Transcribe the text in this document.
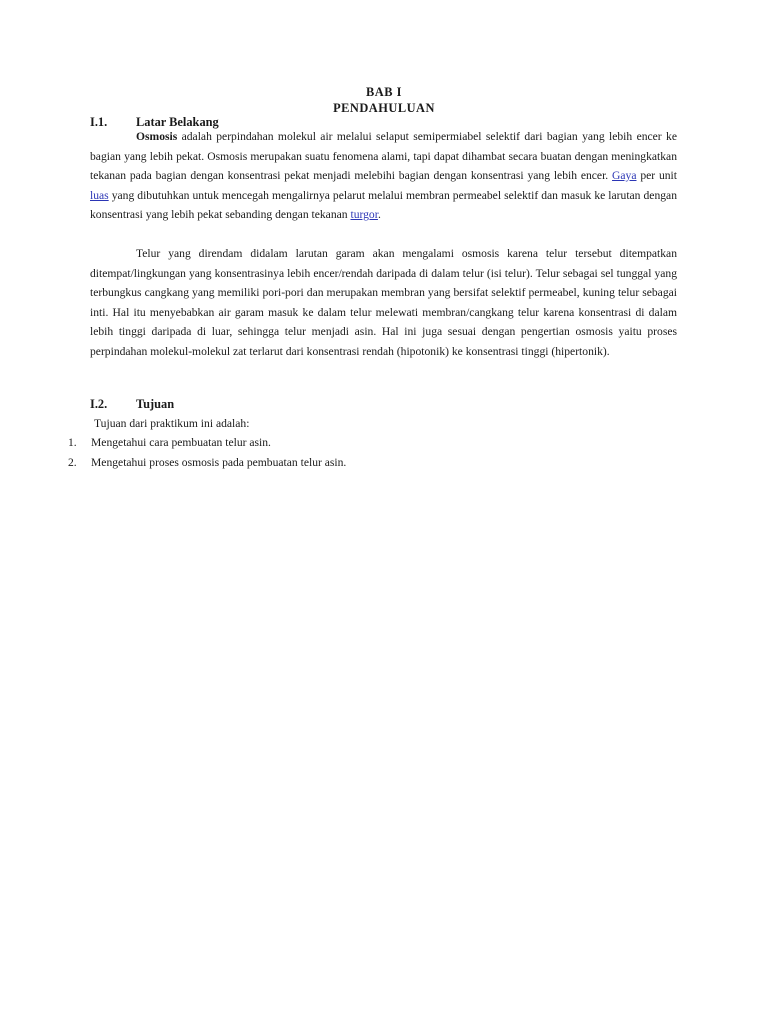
BAB I
PENDAHULUAN
I.1. Latar Belakang

Osmosis adalah perpindahan molekul air melalui selaput semipermiabel selektif dari bagian yang lebih encer ke bagian yang lebih pekat. Osmosis merupakan suatu fenomena alami, tapi dapat dihambat secara buatan dengan meningkatkan tekanan pada bagian dengan konsentrasi pekat menjadi melebihi bagian dengan konsentrasi yang lebih encer. Gaya per unit luas yang dibutuhkan untuk mencegah mengalirnya pelarut melalui membran permeabel selektif dan masuk ke larutan dengan konsentrasi yang lebih pekat sebanding dengan tekanan turgor.

Telur yang direndam didalam larutan garam akan mengalami osmosis karena telur tersebut ditempatkan ditempat/lingkungan yang konsentrasinya lebih encer/rendah daripada di dalam telur (isi telur). Telur sebagai sel tunggal yang terbungkus cangkang yang memiliki pori-pori dan merupakan membran yang bersifat selektif permeabel, kuning telur sebagai inti. Hal itu menyebabkan air garam masuk ke dalam telur melewati membran/cangkang telur karena konsentrasi di dalam lebih tinggi daripada di luar, sehingga telur menjadi asin. Hal ini juga sesuai dengan pengertian osmosis yaitu proses perpindahan molekul-molekul zat terlarut dari konsentrasi rendah (hipotonik) ke konsentrasi tinggi (hipertonik).

I.2. Tujuan
Tujuan dari praktikum ini adalah:
1. Mengetahui cara pembuatan telur asin.
2. Mengetahui proses osmosis pada pembuatan telur asin.
